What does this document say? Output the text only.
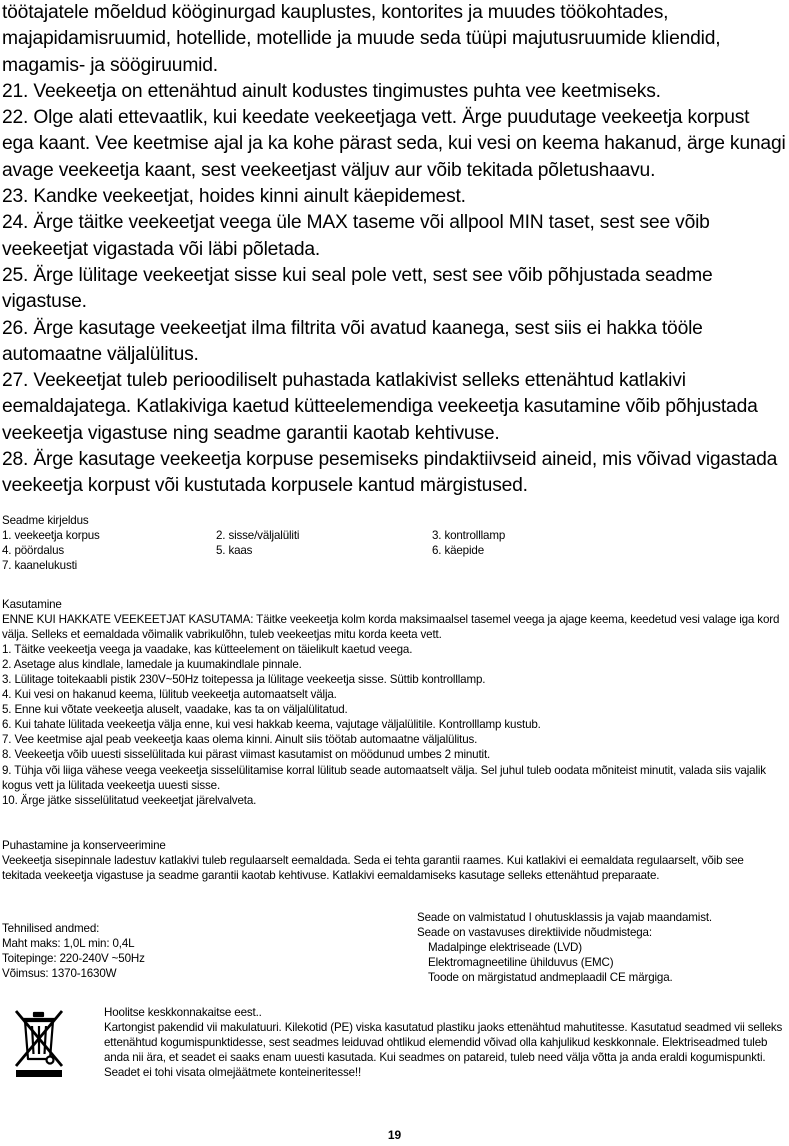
töötajatele mõeldud kööginurgad kauplustes, kontorites ja muudes töökohtades, majapidamisruumid, hotellide, motellide ja muude seda tüüpi majutusruumide kliendid, magamis- ja söögiruumid.

21. Veekeetja on ettenähtud ainult kodustes tingimustes puhta vee keetmiseks.

22. Olge alati ettevaatlik, kui keedate veekeetjaga vett. Ärge puudutage veekeetja korpust ega kaant. Vee keetmise ajal ja ka kohe pärast seda, kui vesi on keema hakanud, ärge kunagi avage veekeetja kaant, sest veekeetjast väljuv aur võib tekitada põletushaavu.

23. Kandke veekeetjat, hoides kinni ainult käepidemest.

24. Ärge täitke veekeetjat veega üle MAX taseme või allpool MIN taset, sest see võib veekeetjat vigastada või läbi põletada.

25. Ärge lülitage veekeetjat sisse kui seal pole vett, sest see võib põhjustada seadme vigastuse.

26. Ärge kasutage veekeetjat ilma filtrita või avatud kaanega, sest siis ei hakka tööle automaatne väljalülitus.

27. Veekeetjat tuleb perioodiliselt puhastada katlakivist selleks ettenähtud katlakivi eemaldajatega. Katlakiviga kaetud kütteelemendiga veekeetja kasutamine võib põhjustada veekeetja vigastuse ning seadme garantii kaotab kehtivuse.

28. Ärge kasutage veekeetja korpuse pesemiseks pindaktiivseid aineid, mis võivad vigastada veekeetja korpust või kustutada korpusele kantud märgistused.

Seadme kirjeldus

1. veekeetja korpus	2. sisse/väljalüliti	3. kontrolllamp
4. pöördalus	5. kaas	6. käepide
7. kaanelukusti

Kasutamine

ENNE KUI HAKKATE VEEKEETJAT KASUTAMA: Täitke veekeetja kolm korda maksimaalsel tasemel veega ja ajage keema, keedetud vesi valage iga kord välja. Selleks et eemaldada võimalik vabrikulõhn, tuleb veekeetjas mitu korda keeta vett.

1. Täitke veekeetja veega ja vaadake, kas kütteelement on täielikult kaetud veega.

2. Asetage alus kindlale, lamedale ja kuumakindlale pinnale.

3. Lülitage toitekaabli pistik 230V~50Hz toitepessa ja lülitage veekeetja sisse. Süttib kontrolllamp.

4. Kui vesi on hakanud keema, lülitub veekeetja automaatselt välja.

5. Enne kui võtate veekeetja aluselt, vaadake, kas ta on väljalülitatud.

6. Kui tahate lülitada veekeetja välja enne, kui vesi hakkab keema, vajutage väljalülitile. Kontrolllamp kustub.

7. Vee keetmise ajal peab veekeetja kaas olema kinni. Ainult siis töötab automaatne väljalülitus.

8. Veekeetja võib uuesti sisselülitada kui pärast viimast kasutamist on möödunud umbes 2 minutit.

9. Tühja või liiga vähese veega veekeetja sisselülitamise korral lülitub seade automaatselt välja. Sel juhul tuleb oodata mõniteist minutit, valada siis vajalik kogus vett ja lülitada veekeetja uuesti sisse.

10. Ärge jätke sisselülitatud veekeetjat järelvalveta.

Puhastamine ja konserveerimine

Veekeetja sisepinnale ladestuv katlakivi tuleb regulaarselt eemaldada. Seda ei tehta garantii raames. Kui katlakivi ei eemaldata regulaarselt, võib see tekitada veekeetja vigastuse ja seadme garantii kaotab kehtivuse. Katlakivi eemaldamiseks kasutage selleks ettenähtud preparaate.

Tehnilised andmed:

Maht maks: 1,0L min: 0,4L

Toitepinge: 220-240V ~50Hz

Võimsus: 1370-1630W

Seade on valmistatud I ohutusklassis ja vajab maandamist.

Seade on vastavuses direktiivide nõudmistega:

Madalpinge elektriseade (LVD)

Elektromagneetiline ühilduvus (EMC)

Toode on märgistatud andmeplaadil CE märgiga.

Hoolitse keskkonnakaitse eest..

Kartongist pakendid vii makulatuuri. Kilekotid (PE) viska kasutatud plastiku jaoks ettenähtud mahutitesse. Kasutatud seadmed vii selleks ettenähtud kogumispunktidesse, sest seadmes leiduvad ohtlikud elemendid võivad olla kahjulikud keskkonnale. Elektriseadmed tuleb anda nii ära, et seadet ei saaks enam uuesti kasutada. Kui seadmes on patareid, tuleb need välja võtta ja anda eraldi kogumispunkti.

Seadet ei tohi visata olmejäätmete konteineritesse!!

19
